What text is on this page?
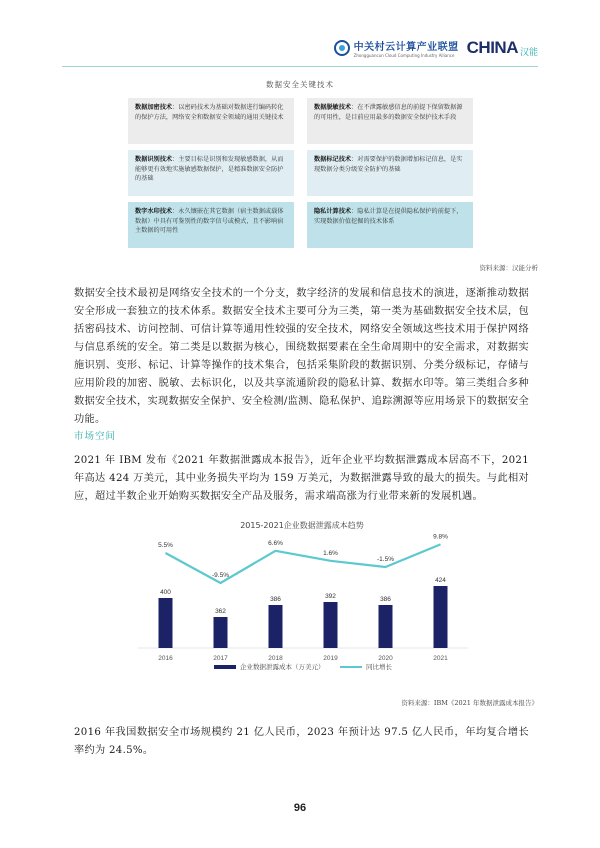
中关村云计算产业联盟
Zhongguancun Cloud Computing Industry Alliance CHINA 汉能
数据安全关键技术
数据加密技术：以密码技术为基础对数据进行编码转化的保护方法，网络安全和数据安全领域的通用关键技术
数据脱敏技术：在不泄露敏感信息的前提下保留数据源的可用性，是目前应用最多的数据安全保护技术手段
数据识别技术：主要目标是识别和发现敏感数据，从而能够更有效地实施敏感数据保护，是精准数据安全防护的基础
数据标记技术：对需要保护的数据增加标记信息，是实现数据分类分级安全防护的基础
数字水印技术：永久镶嵌在其它数据（宿主数据或载体数据）中具有可鉴别性的数字信号或模式，且不影响宿主数据的可用性
隐私计算技术：隐私计算是在提供隐私保护的前提下，实现数据价值挖掘的技术体系
资料来源：汉能分析

数据安全技术最初是网络安全技术的一个分支，数字经济的发展和信息技术的演进，逐渐推动数据安全形成一套独立的技术体系。数据安全技术主要可分为三类，第一类为基础数据安全技术层，包括密码技术、访问控制、可信计算等通用性较强的安全技术，网络安全领域这些技术用于保护网络与信息系统的安全。第二类是以数据为核心，围绕数据要素在全生命周期中的安全需求，对数据实施识别、变形、标记、计算等操作的技术集合，包括采集阶段的数据识别、分类分级标记，存储与应用阶段的加密、脱敏、去标识化，以及共享流通阶段的隐私计算、数据水印等。第三类组合多种数据安全技术，实现数据安全保护、安全检测/监测、隐私保护、追踪溯源等应用场景下的数据安全功能。

市场空间

2021 年 IBM 发布《2021 年数据泄露成本报告》，近年企业平均数据泄露成本居高不下，2021 年高达 424 万美元，其中业务损失平均为 159 万美元，为数据泄露导致的最大的损失。与此相对应，超过半数企业开始购买数据安全产品及服务，需求端高涨为行业带来新的发展机遇。

2015-2021企业数据泄露成本趋势
400
362
386	392	386
424
5.5%
-9.5%
6.6%
1.6%
-1.5%
9.8%
2016	2017	2018	2019	2020	2021
企业数据泄露成本（万美元）	同比增长
资料来源：IBM《2021 年数据泄露成本报告》

2016 年我国数据安全市场规模约 21 亿人民币，2023 年预计达 97.5 亿人民币，年均复合增长率约为 24.5%。

96
